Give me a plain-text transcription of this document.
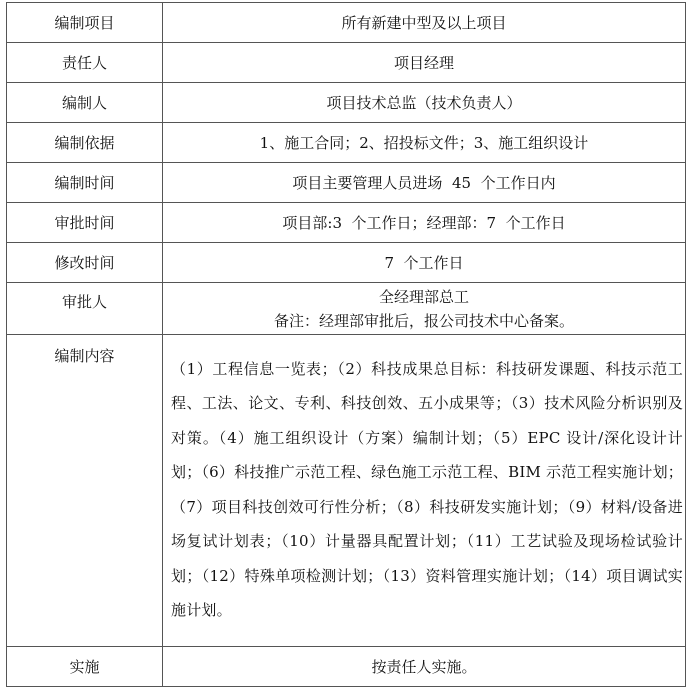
编制项目	所有新建中型及以上项目
责任人	项目经理
编制人	项目技术总监（技术负责人）
编制依据	1、施工合同；2、招投标文件；3、施工组织设计
编制时间	项目主要管理人员进场  45  个工作日内
审批时间	项目部:3  个工作日；经理部：7  个工作日
修改时间	7  个工作日
审批人	全经理部总工
备注：经理部审批后，报公司技术中心备案。

编制内容	（1）工程信息一览表；（2）科技成果总目标：科技研发课题、科技示范工程、工法、论文、专利、科技创效、五小成果等；（3）技术风险分析识别及对策。（4）施工组织设计（方案）编制计划；（5）EPC 设计/深化设计计划；（6）科技推广示范工程、绿色施工示范工程、BIM 示范工程实施计划；（7）项目科技创效可行性分析；（8）科技研发实施计划；（9）材料/设备进场复试计划表；（10）计量器具配置计划；（11）工艺试验及现场检试验计划；（12）特殊单项检测计划；（13）资料管理实施计划；（14）项目调试实施计划。
实施	按责任人实施。
